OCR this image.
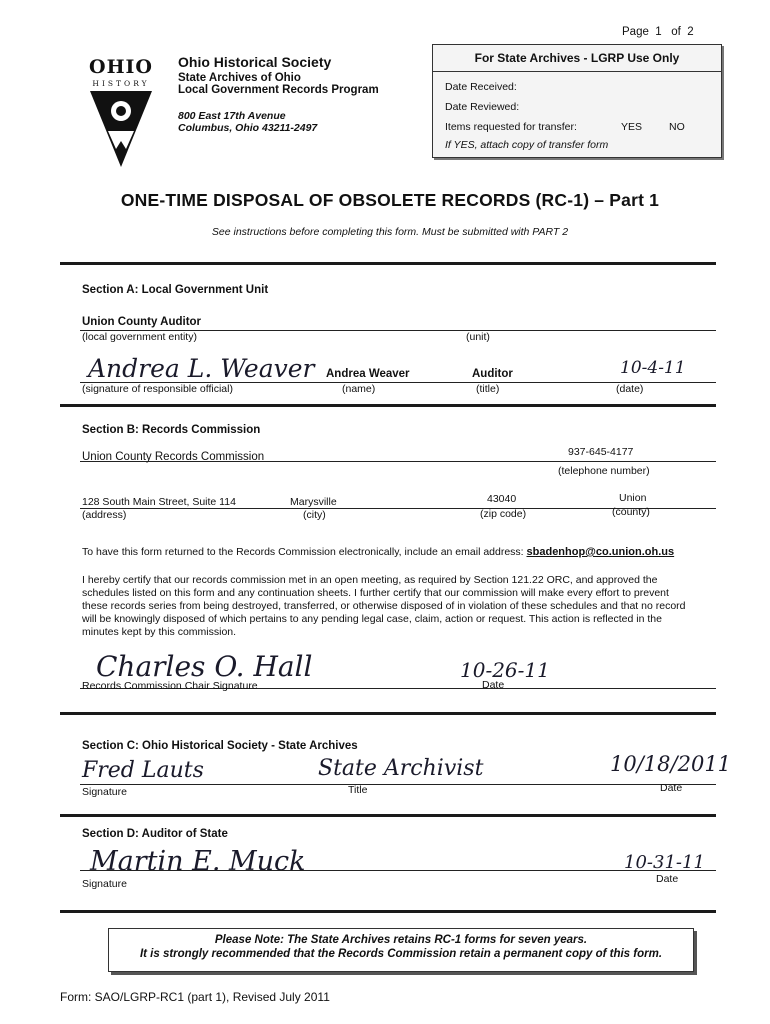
Page 1 of 2
OHIO
HISTORY
Ohio Historical Society
State Archives of Ohio
Local Government Records Program
800 East 17th Avenue
Columbus, Ohio 43211-2497
For State Archives - LGRP Use Only
Date Received:
Date Reviewed:
Items requested for transfer:	YES	NO
If YES, attach copy of transfer form
ONE-TIME DISPOSAL OF OBSOLETE RECORDS (RC-1) – Part 1
See instructions before completing this form. Must be submitted with PART 2
Section A: Local Government Unit
Union County Auditor
(local government entity)	(unit)
Andrea L. Weaver Andrea Weaver	Auditor	10-4-11
(signature of responsible official)	(name)	(title)	(date)
Section B: Records Commission
937-645-4177
Union County Records Commission
(telephone number)
128 South Main Street, Suite 114	Marysville	43040	Union
(address)	(city)	(zip code)	(county)
To have this form returned to the Records Commission electronically, include an email address: sbadenhop@co.union.oh.us
I hereby certify that our records commission met in an open meeting, as required by Section 121.22 ORC, and approved the
schedules listed on this form and any continuation sheets. I further certify that our commission will make every effort to prevent
these records series from being destroyed, transferred, or otherwise disposed of in violation of these schedules and that no record
will be knowingly disposed of which pertains to any pending legal case, claim, action or request. This action is reflected in the
minutes kept by this commission.
Charles O. Hall	10-26-11
Records Commission Chair Signature	Date
Section C: Ohio Historical Society - State Archives
Fred Lauts	State Archivist	10/18/2011
Signature	Title	Date
Section D: Auditor of State
Martin E. Muck	10-31-11
Signature	Date
Please Note: The State Archives retains RC-1 forms for seven years.
It is strongly recommended that the Records Commission retain a permanent copy of this form.
Form: SAO/LGRP-RC1 (part 1), Revised July 2011
